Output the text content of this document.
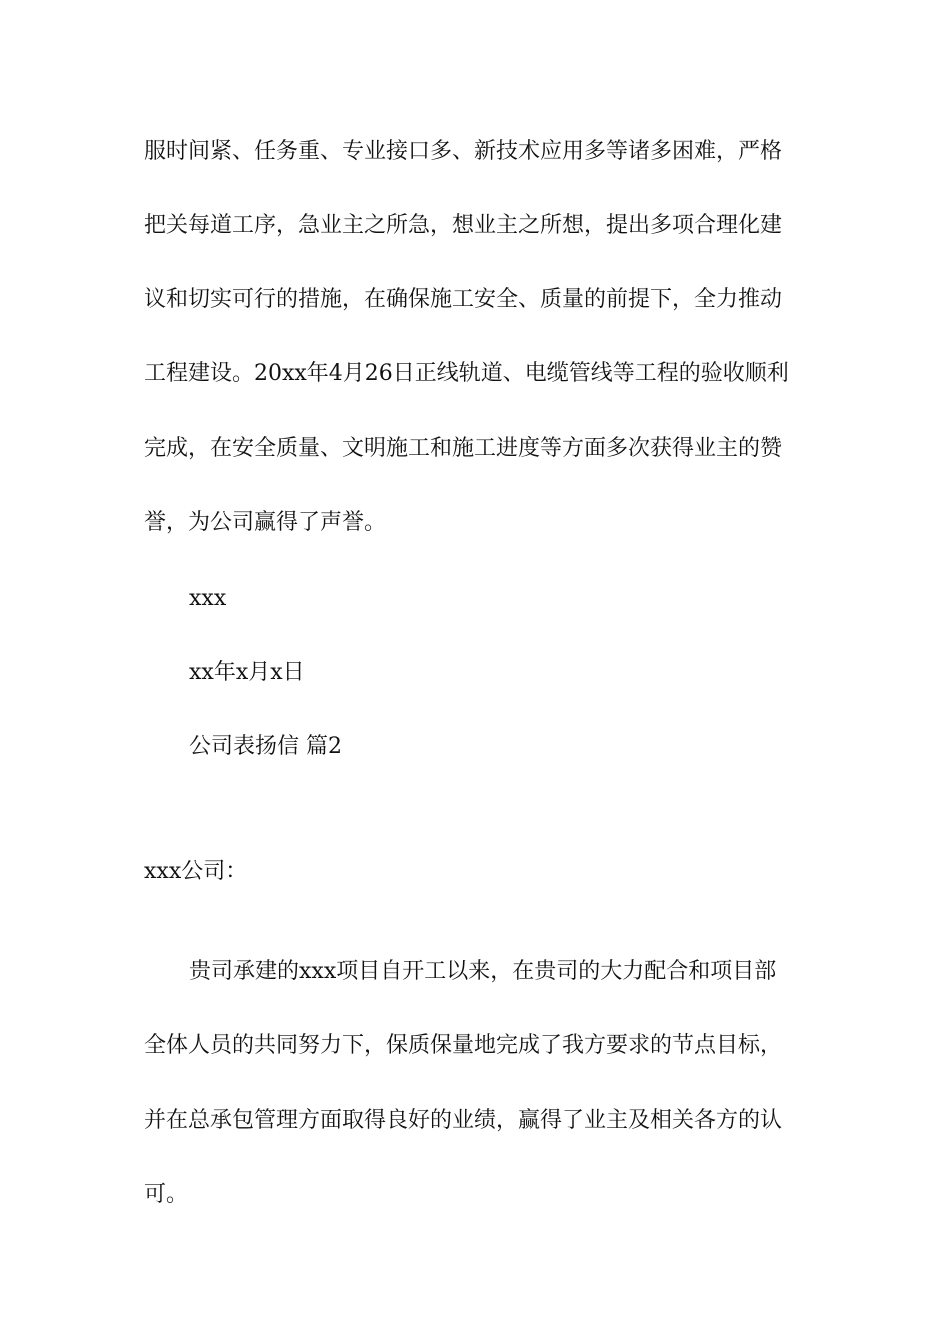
服时间紧、任务重、专业接口多、新技术应用多等诸多困难，严格
把关每道工序，急业主之所急，想业主之所想，提出多项合理化建
议和切实可行的措施，在确保施工安全、质量的前提下，全力推动
工程建设。20xx年4月26日正线轨道、电缆管线等工程的验收顺利
完成，在安全质量、文明施工和施工进度等方面多次获得业主的赞
誉，为公司赢得了声誉。
xxx
xx年x月x日
公司表扬信 篇2
xxx公司：
贵司承建的xxx项目自开工以来，在贵司的大力配合和项目部
全体人员的共同努力下，保质保量地完成了我方要求的节点目标，
并在总承包管理方面取得良好的业绩，赢得了业主及相关各方的认
可。
